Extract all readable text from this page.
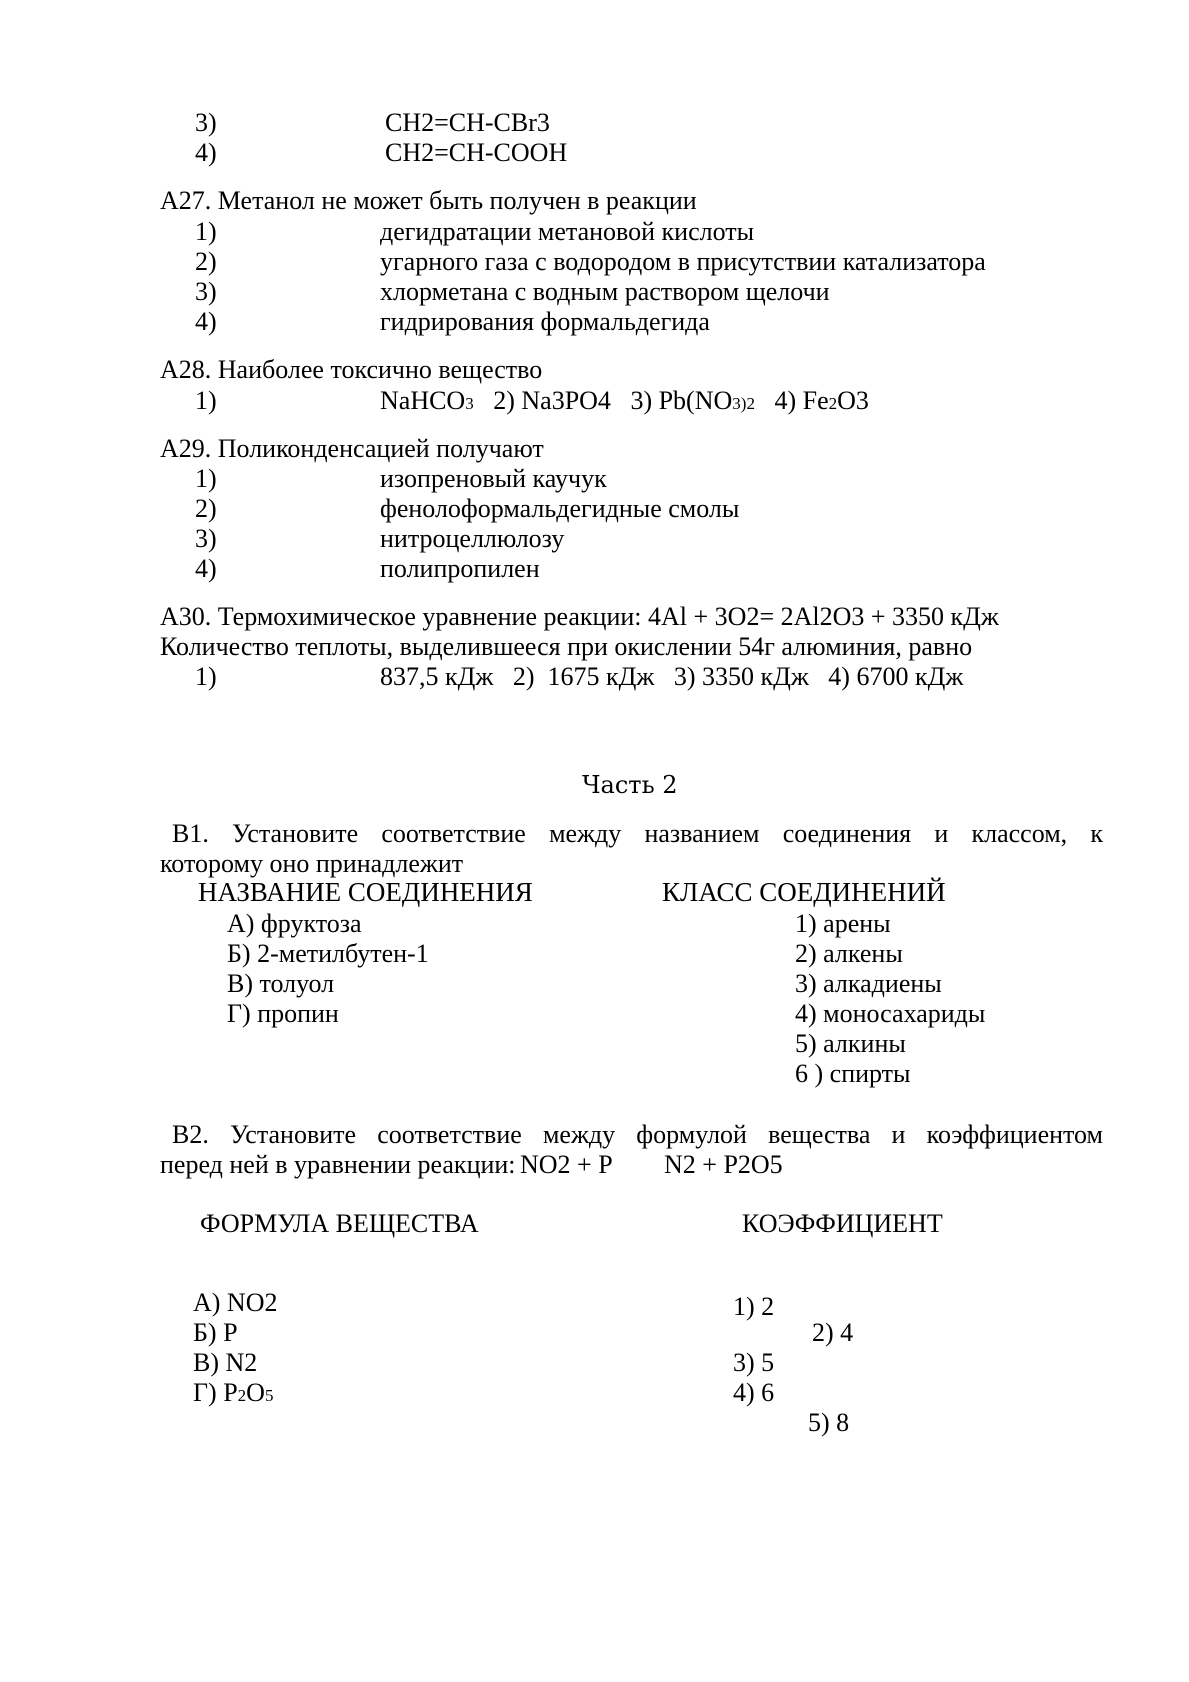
3)	CH2=CH-CBr3
4)	CH2=CH-COOH
А27. Метанол не может быть получен в реакции
1)	дегидратации метановой кислоты
2)	угарного газа с водородом в присутствии катализатора
3)	хлорметана с водным раствором щелочи
4)	гидрирования формальдегида
А28. Наиболее токсично вещество
1)	NaHCO3 2) Na3PO4 3) Pb(NO3)2 4) Fe2O3
А29. Поликонденсацией получают
1)	изопреновый каучук
2)	фенолоформальдегидные смолы
3)	нитроцеллюлозу
4)	полипропилен
А30. Термохимическое уравнение реакции: 4Al + 3O2= 2Al2O3 + 3350 кДж
Количество теплоты, выделившееся при окислении 54г алюминия, равно
1)	837,5 кДж   2)  1675 кДж   3) 3350 кДж   4) 6700 кДж
Часть 2
В1. Установите соответствие между названием соединения и классом, к
которому оно принадлежит
НАЗВАНИЕ СОЕДИНЕНИЯ	КЛАСС СОЕДИНЕНИЙ
А) фруктоза
Б) 2-метилбутен-1
В) толуол
Г) пропин
1) арены
2) алкены
3) алкадиены
4) моносахариды
5) алкины
6 ) спирты
В2. Установите соответствие между формулой вещества и коэффициентом
перед ней в уравнении реакции: NO2 + P N2 + P2O5
ФОРМУЛА ВЕЩЕСТВА	КОЭФФИЦИЕНТ
А) NO2
Б) P
В) N2
Г) P2O5
1) 2
2) 4
3) 5
4) 6
5) 8
